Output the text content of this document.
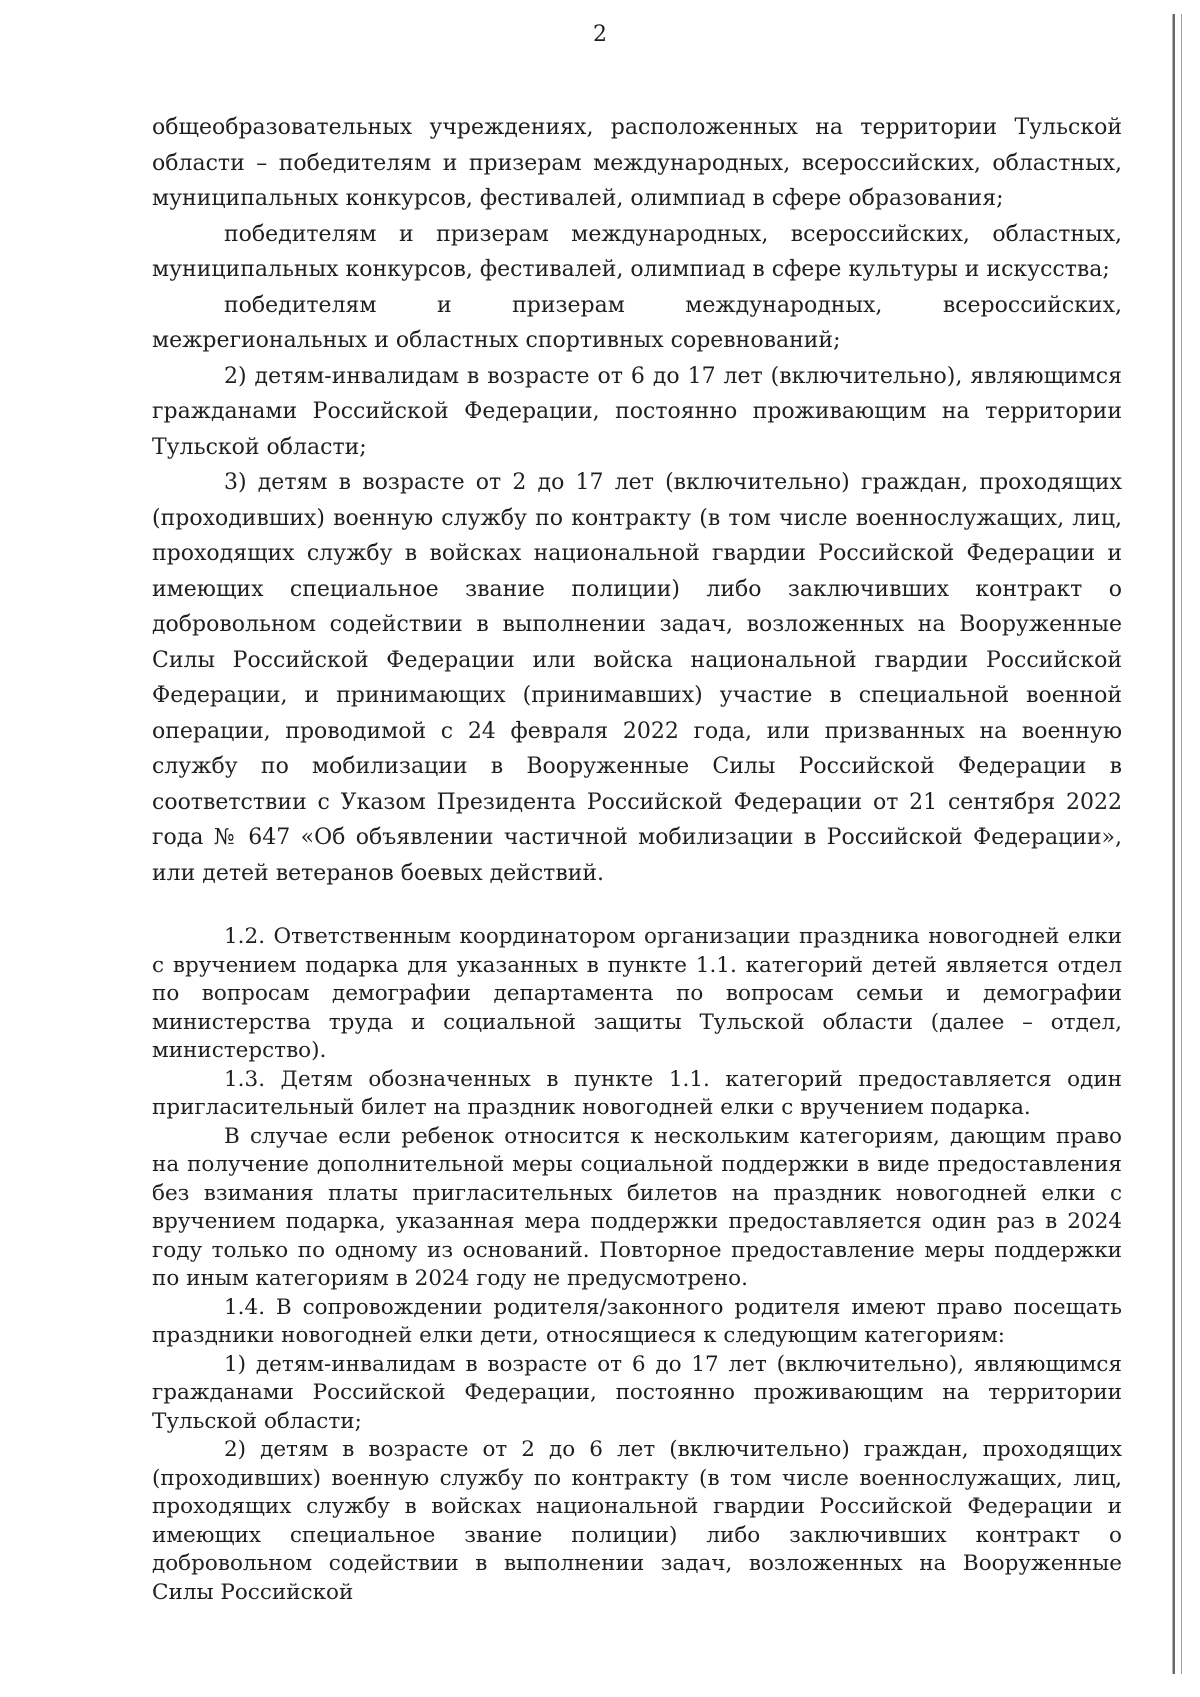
2

общеобразовательных учреждениях, расположенных на территории Тульской области – победителям и призерам международных, всероссийских, областных, муниципальных конкурсов, фестивалей, олимпиад в сфере образования;

победителям и призерам международных, всероссийских, областных, муниципальных конкурсов, фестивалей, олимпиад в сфере культуры и искусства;

победителям и призерам международных, всероссийских, межрегиональных и областных спортивных соревнований;

2) детям-инвалидам в возрасте от 6 до 17 лет (включительно), являющимся гражданами Российской Федерации, постоянно проживающим на территории Тульской области;

3) детям в возрасте от 2 до 17 лет (включительно) граждан, проходящих (проходивших) военную службу по контракту (в том числе военнослужащих, лиц, проходящих службу в войсках национальной гвардии Российской Федерации и имеющих специальное звание полиции) либо заключивших контракт о добровольном содействии в выполнении задач, возложенных на Вооруженные Силы Российской Федерации или войска национальной гвардии Российской Федерации, и принимающих (принимавших) участие в специальной военной операции, проводимой с 24 февраля 2022 года, или призванных на военную службу по мобилизации в Вооруженные Силы Российской Федерации в соответствии с Указом Президента Российской Федерации от 21 сентября 2022 года № 647 «Об объявлении частичной мобилизации в Российской Федерации», или детей ветеранов боевых действий.

1.2. Ответственным координатором организации праздника новогодней елки с вручением подарка для указанных в пункте 1.1. категорий детей является отдел по вопросам демографии департамента по вопросам семьи и демографии министерства труда и социальной защиты Тульской области (далее – отдел, министерство).

1.3. Детям обозначенных в пункте 1.1. категорий предоставляется один пригласительный билет на праздник новогодней елки с вручением подарка.

В случае если ребенок относится к нескольким категориям, дающим право на получение дополнительной меры социальной поддержки в виде предоставления без взимания платы пригласительных билетов на праздник новогодней елки с вручением подарка, указанная мера поддержки предоставляется один раз в 2024 году только по одному из оснований. Повторное предоставление меры поддержки по иным категориям в 2024 году не предусмотрено.

1.4. В сопровождении родителя/законного родителя имеют право посещать праздники новогодней елки дети, относящиеся к следующим категориям:

1) детям-инвалидам в возрасте от 6 до 17 лет (включительно), являющимся гражданами Российской Федерации, постоянно проживающим на территории Тульской области;

2) детям в возрасте от 2 до 6 лет (включительно) граждан, проходящих (проходивших) военную службу по контракту (в том числе военнослужащих, лиц, проходящих службу в войсках национальной гвардии Российской Федерации и имеющих специальное звание полиции) либо заключивших контракт о добровольном содействии в выполнении задач, возложенных на Вооруженные Силы Российской
